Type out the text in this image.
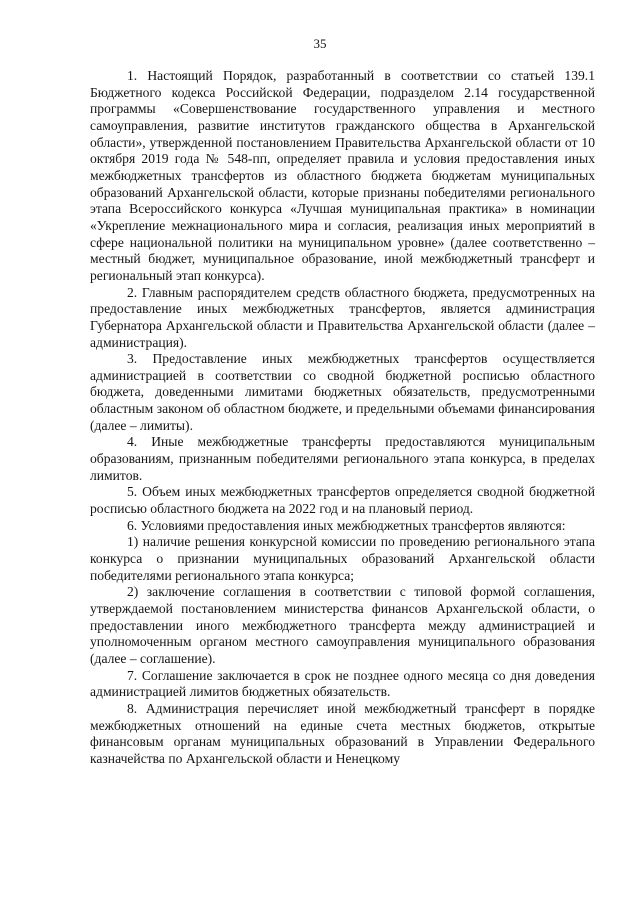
35

1. Настоящий Порядок, разработанный в соответствии со статьей 139.1 Бюджетного кодекса Российской Федерации, подразделом 2.14 государственной программы «Совершенствование государственного управления и местного самоуправления, развитие институтов гражданского общества в Архангельской области», утвержденной постановлением Правительства Архангельской области от 10 октября 2019 года № 548-пп, определяет правила и условия предоставления иных межбюджетных трансфертов из областного бюджета бюджетам муниципальных образований Архангельской области, которые признаны победителями регионального этапа Всероссийского конкурса «Лучшая муниципальная практика» в номинации «Укрепление межнационального мира и согласия, реализация иных мероприятий в сфере национальной политики на муниципальном уровне» (далее соответственно – местный бюджет, муниципальное образование, иной межбюджетный трансферт и региональный этап конкурса).

2. Главным распорядителем средств областного бюджета, предусмотренных на предоставление иных межбюджетных трансфертов, является администрация Губернатора Архангельской области и Правительства Архангельской области (далее – администрация).

3. Предоставление иных межбюджетных трансфертов осуществляется администрацией в соответствии со сводной бюджетной росписью областного бюджета, доведенными лимитами бюджетных обязательств, предусмотренными областным законом об областном бюджете, и предельными объемами финансирования (далее – лимиты).

4. Иные межбюджетные трансферты предоставляются муниципальным образованиям, признанным победителями регионального этапа конкурса, в пределах лимитов.

5. Объем иных межбюджетных трансфертов определяется сводной бюджетной росписью областного бюджета на 2022 год и на плановый период.

6. Условиями предоставления иных межбюджетных трансфертов являются:

1) наличие решения конкурсной комиссии по проведению регионального этапа конкурса о признании муниципальных образований Архангельской области победителями регионального этапа конкурса;

2) заключение соглашения в соответствии с типовой формой соглашения, утверждаемой постановлением министерства финансов Архангельской области, о предоставлении иного межбюджетного трансферта между администрацией и уполномоченным органом местного самоуправления муниципального образования (далее – соглашение).

7. Соглашение заключается в срок не позднее одного месяца со дня доведения администрацией лимитов бюджетных обязательств.

8. Администрация перечисляет иной межбюджетный трансферт в порядке межбюджетных отношений на единые счета местных бюджетов, открытые финансовым органам муниципальных образований в Управлении Федерального казначейства по Архангельской области и Ненецкому
